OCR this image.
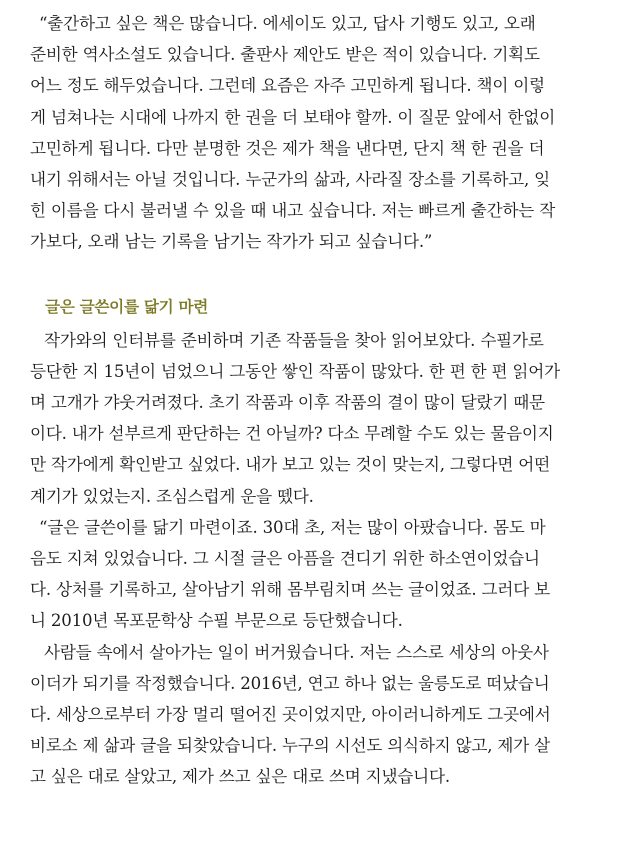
“출간하고 싶은 책은 많습니다. 에세이도 있고, 답사 기행도 있고, 오래
준비한 역사소설도 있습니다. 출판사 제안도 받은 적이 있습니다. 기획도
어느 정도 해두었습니다. 그런데 요즘은 자주 고민하게 됩니다. 책이 이렇
게 넘쳐나는 시대에 나까지 한 권을 더 보태야 할까. 이 질문 앞에서 한없이
고민하게 됩니다. 다만 분명한 것은 제가 책을 낸다면, 단지 책 한 권을 더
내기 위해서는 아닐 것입니다. 누군가의 삶과, 사라질 장소를 기록하고, 잊
힌 이름을 다시 불러낼 수 있을 때 내고 싶습니다. 저는 빠르게 출간하는 작
가보다, 오래 남는 기록을 남기는 작가가 되고 싶습니다.”

글은 글쓴이를 닮기 마련

작가와의 인터뷰를 준비하며 기존 작품들을 찾아 읽어보았다. 수필가로
등단한 지 15년이 넘었으니 그동안 쌓인 작품이 많았다. 한 편 한 편 읽어가
며 고개가 갸웃거려졌다. 초기 작품과 이후 작품의 결이 많이 달랐기 때문
이다. 내가 섣부르게 판단하는 건 아닐까? 다소 무례할 수도 있는 물음이지
만 작가에게 확인받고 싶었다. 내가 보고 있는 것이 맞는지, 그렇다면 어떤
계기가 있었는지. 조심스럽게 운을 뗐다.

“글은 글쓴이를 닮기 마련이죠. 30대 초, 저는 많이 아팠습니다. 몸도 마
음도 지쳐 있었습니다. 그 시절 글은 아픔을 견디기 위한 하소연이었습니
다. 상처를 기록하고, 살아남기 위해 몸부림치며 쓰는 글이었죠. 그러다 보
니 2010년 목포문학상 수필 부문으로 등단했습니다.

사람들 속에서 살아가는 일이 버거웠습니다. 저는 스스로 세상의 아웃사
이더가 되기를 작정했습니다. 2016년, 연고 하나 없는 울릉도로 떠났습니
다. 세상으로부터 가장 멀리 떨어진 곳이었지만, 아이러니하게도 그곳에서
비로소 제 삶과 글을 되찾았습니다. 누구의 시선도 의식하지 않고, 제가 살
고 싶은 대로 살았고, 제가 쓰고 싶은 대로 쓰며 지냈습니다.
